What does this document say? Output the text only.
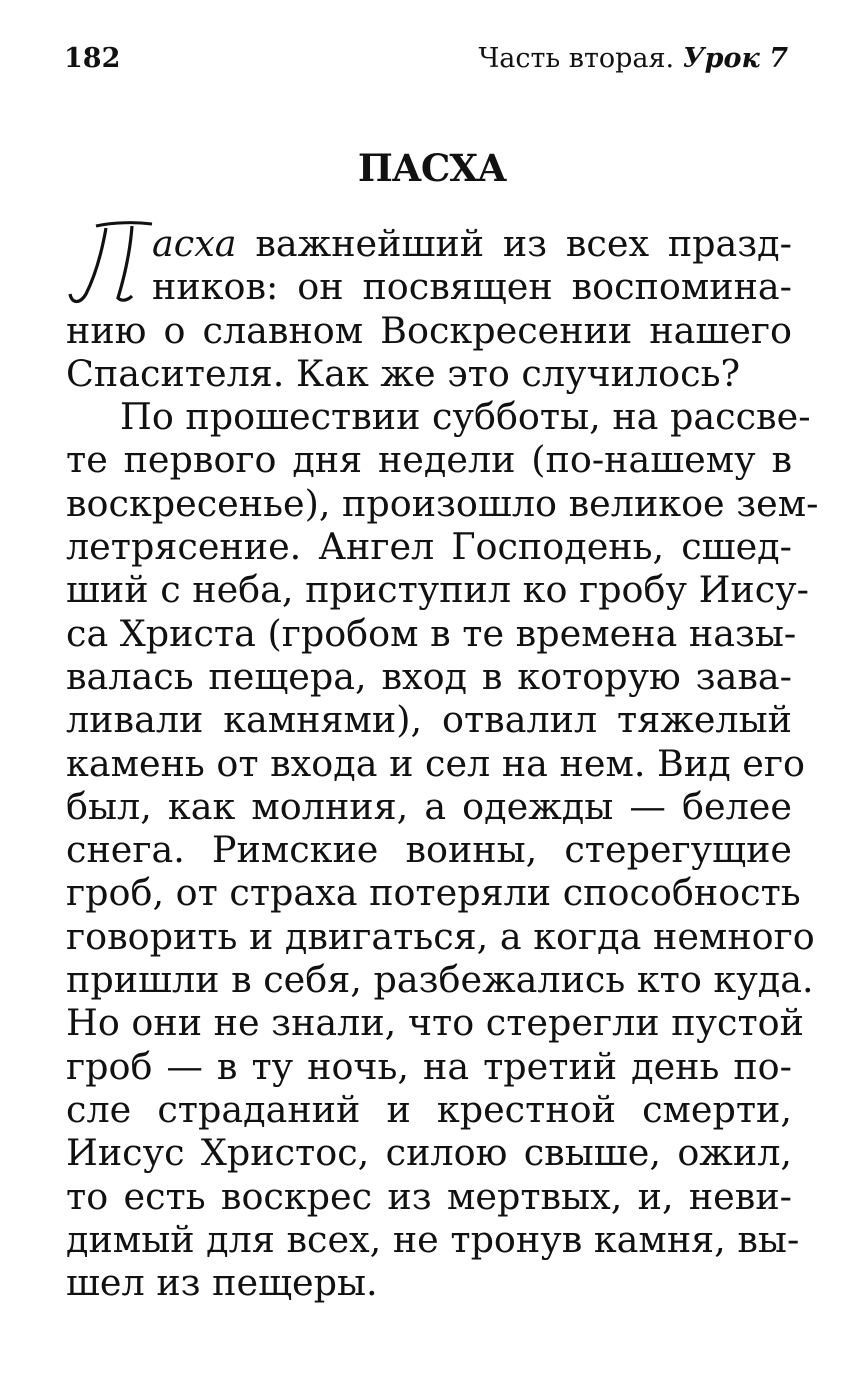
182	Часть вторая. Урок 7
ПАСХА
асха важнейший из всех празд-
ников: он посвящен воспомина-
нию о славном Воскресении нашего
Спасителя. Как же это случилось?
По прошествии субботы, на рассве-
те первого дня недели (по-нашему в
воскресенье), произошло великое зем-
летрясение. Ангел Господень, сшед-
ший с неба, приступил ко гробу Иису-
са Христа (гробом в те времена назы-
валась пещера, вход в которую зава-
ливали камнями), отвалил тяжелый
камень от входа и сел на нем. Вид его
был, как молния, а одежды — белее
снега. Римские воины, стерегущие
гроб, от страха потеряли способность
говорить и двигаться, а когда немного
пришли в себя, разбежались кто куда.
Но они не знали, что стерегли пустой
гроб — в ту ночь, на третий день по-
сле страданий и крестной смерти,
Иисус Христос, силою свыше, ожил,
то есть воскрес из мертвых, и, неви-
димый для всех, не тронув камня, вы-
шел из пещеры.
